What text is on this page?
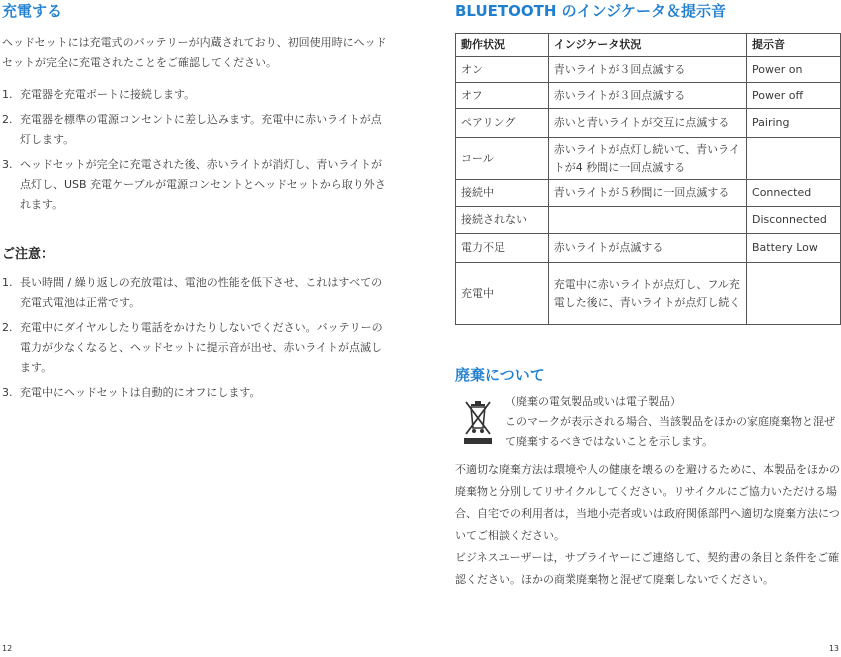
充電する

ヘッドセットには充電式のバッテリーが内蔵されており、初回使用時にヘッドセットが完全に充電されたことをご確認してください。

1. 充電器を充電ポートに接続します。
2. 充電器を標準の電源コンセントに差し込みます。充電中に赤いライトが点灯します。
3. ヘッドセットが完全に充電された後、赤いライトが消灯し、青いライトが点灯し、USB 充電ケーブルが電源コンセントとヘッドセットから取り外されます。
ご注意：
1. 長い時間 / 繰り返しの充放電は、電池の性能を低下させ、これはすべての充電式電池は正常です。
2. 充電中にダイヤルしたり電話をかけたりしないでください。バッテリーの電力が少なくなると、ヘッドセットに提示音が出せ、赤いライトが点滅します。
3. 充電中にヘッドセットは自動的にオフにします。
12
BLUETOOTH のインジケータ＆提示音
動作状況	インジケータ状況	提示音
オン	青いライトが３回点滅する	Power on
オフ	赤いライトが３回点滅する	Power off
ペアリング	赤いと青いライトが交互に点滅する	Pairing
コール	赤いライトが点灯し続いて、青いライトが4 秒間に一回点滅する	
接続中	青いライトが５秒間に一回点滅する	Connected
接続されない		Disconnected
電力不足	赤いライトが点滅する	Battery Low
充電中	充電中に赤いライトが点灯し、フル充電した後に、青いライトが点灯し続く	
廃棄について

（廃棄の電気製品或いは電子製品）

このマークが表示される場合、当該製品をほかの家庭廃棄物と混ぜて廃棄するべきではないことを示します。

不適切な廃棄方法は環境や人の健康を壊るのを避けるために、本製品をほかの廃棄物と分別してリサイクルしてください。リサイクルにご協力いただける場合、自宅での利用者は，当地小売者或いは政府関係部門へ適切な廃棄方法についてご相談ください。

ビジネスユーザーは，サプライヤーにご連絡して、契約書の条目と条件をご確認ください。ほかの商業廃棄物と混ぜて廃棄しないでください。

13
